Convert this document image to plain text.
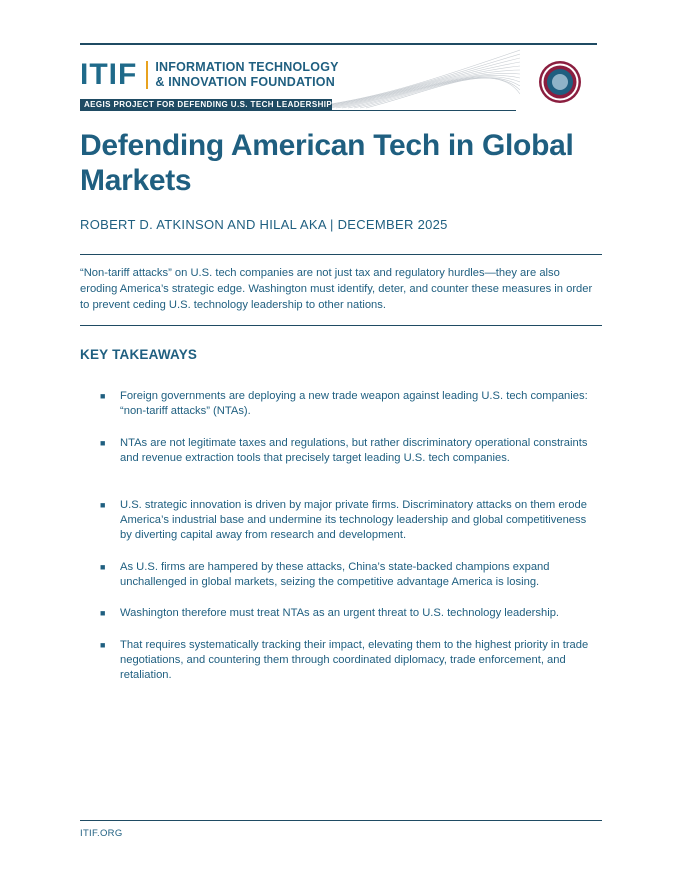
ITIF INFORMATION TECHNOLOGY
& INNOVATION FOUNDATION
AEGIS PROJECT FOR DEFENDING U.S. TECH LEADERSHIP
Defending American Tech in Global Markets
ROBERT D. ATKINSON AND HILAL AKA | DECEMBER 2025

“Non-tariff attacks” on U.S. tech companies are not just tax and regulatory hurdles—they are also eroding America’s strategic edge. Washington must identify, deter, and counter these measures in order to prevent ceding U.S. technology leadership to other nations.

KEY TAKEAWAYS
■	Foreign governments are deploying a new trade weapon against leading U.S. tech companies: “non-tariff attacks” (NTAs).
■	NTAs are not legitimate taxes and regulations, but rather discriminatory operational constraints and revenue extraction tools that precisely target leading U.S. tech companies.
■	U.S. strategic innovation is driven by major private firms. Discriminatory attacks on them erode America’s industrial base and undermine its technology leadership and global competitiveness by diverting capital away from research and development.
■	As U.S. firms are hampered by these attacks, China’s state-backed champions expand unchallenged in global markets, seizing the competitive advantage America is losing.
■	Washington therefore must treat NTAs as an urgent threat to U.S. technology leadership.
■	That requires systematically tracking their impact, elevating them to the highest priority in trade negotiations, and countering them through coordinated diplomacy, trade enforcement, and retaliation.
ITIF.ORG
